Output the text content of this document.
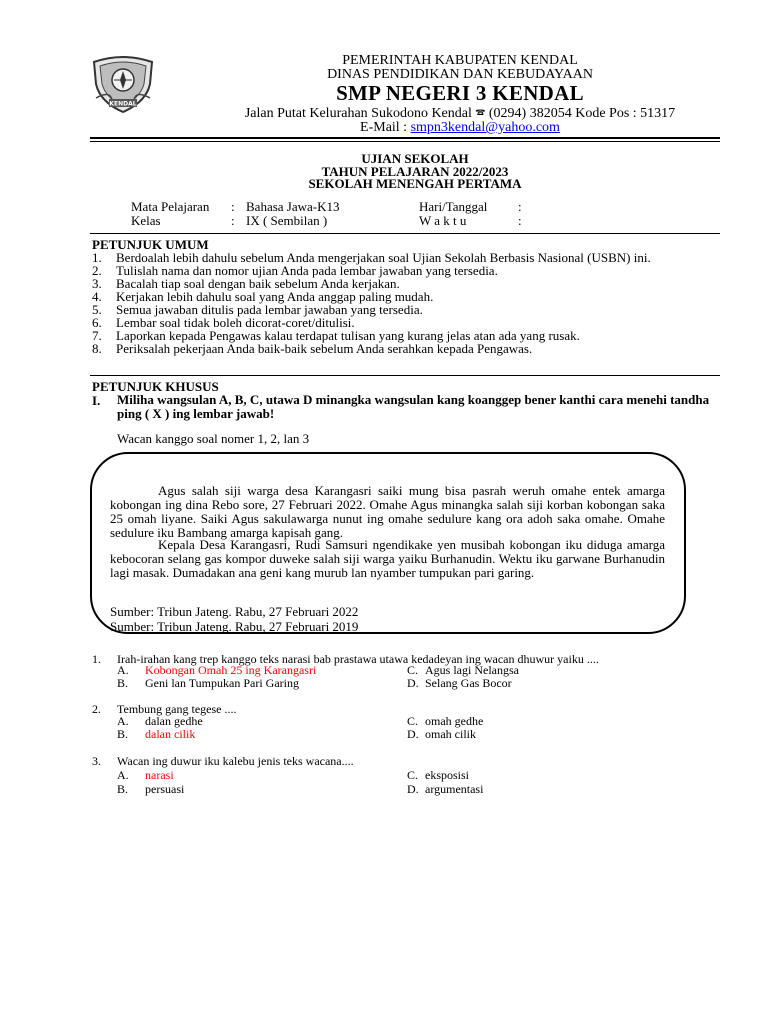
KENDAL
PEMERINTAH KABUPATEN KENDAL
DINAS PENDIDIKAN DAN KEBUDAYAAN
SMP NEGERI 3 KENDAL
Jalan Putat Kelurahan Sukodono Kendal 🕿 (0294) 382054 Kode Pos : 51317
E-Mail : smpn3kendal@yahoo.com
UJIAN SEKOLAH
TAHUN PELAJARAN 2022/2023
SEKOLAH MENENGAH PERTAMA
Mata Pelajaran : Bahasa Jawa-K13	Hari/Tanggal :
Kelas	: IX ( Sembilan )	W a k t u	:
PETUNJUK UMUM
1.	Berdoalah lebih dahulu sebelum Anda mengerjakan soal Ujian Sekolah Berbasis Nasional (USBN) ini.
2.	Tulislah nama dan nomor ujian Anda pada lembar jawaban yang tersedia.
3.	Bacalah tiap soal dengan baik sebelum Anda kerjakan.
4.	Kerjakan lebih dahulu soal yang Anda anggap paling mudah.
5.	Semua jawaban ditulis pada lembar jawaban yang tersedia.
6.	Lembar soal tidak boleh dicorat-coret/ditulisi.
7.	Laporkan kepada Pengawas kalau terdapat tulisan yang kurang jelas atan ada yang rusak.
8.	Periksalah pekerjaan Anda baik-baik sebelum Anda serahkan kepada Pengawas.
PETUNJUK KHUSUS
I. Miliha wangsulan A, B, C, utawa D minangka wangsulan kang koanggep bener kanthi cara menehi tandha ping ( X ) ing lembar jawab!
Wacan kanggo soal nomer 1, 2, lan 3
Agus salah siji warga desa Karangasri saiki mung bisa pasrah weruh omahe entek amarga kobongan ing dina Rebo sore, 27 Februari 2022. Omahe Agus minangka salah siji korban kobongan saka 25 omah liyane. Saiki Agus sakulawarga nunut ing omahe sedulure kang ora adoh saka omahe. Omahe sedulure iku Bambang amarga kapisah gang.
Kepala Desa Karangasri, Rudi Samsuri ngendikake yen musibah kobongan iku diduga amarga kebocoran selang gas kompor duweke salah siji warga yaiku Burhanudin. Wektu iku garwane Burhanudin lagi masak. Dumadakan ana geni kang murub lan nyamber tumpukan pari garing.
Sumber: Tribun Jateng. Rabu, 27 Februari 2022
Sumber: Tribun Jateng. Rabu, 27 Februari 2019
1. Irah-irahan kang trep kanggo teks narasi bab prastawa utawa kedadeyan ing wacan dhuwur yaiku ....
A. Kobongan Omah 25 ing Karangasri	C. Agus lagi Nelangsa
B. Geni lan Tumpukan Pari Garing	D. Selang Gas Bocor
2. Tembung gang tegese ....
A. dalan gedhe	C. omah gedhe
B. dalan cilik	D. omah cilik
3. Wacan ing duwur iku kalebu jenis teks wacana....
A. narasi	C. eksposisi
B. persuasi	D. argumentasi
